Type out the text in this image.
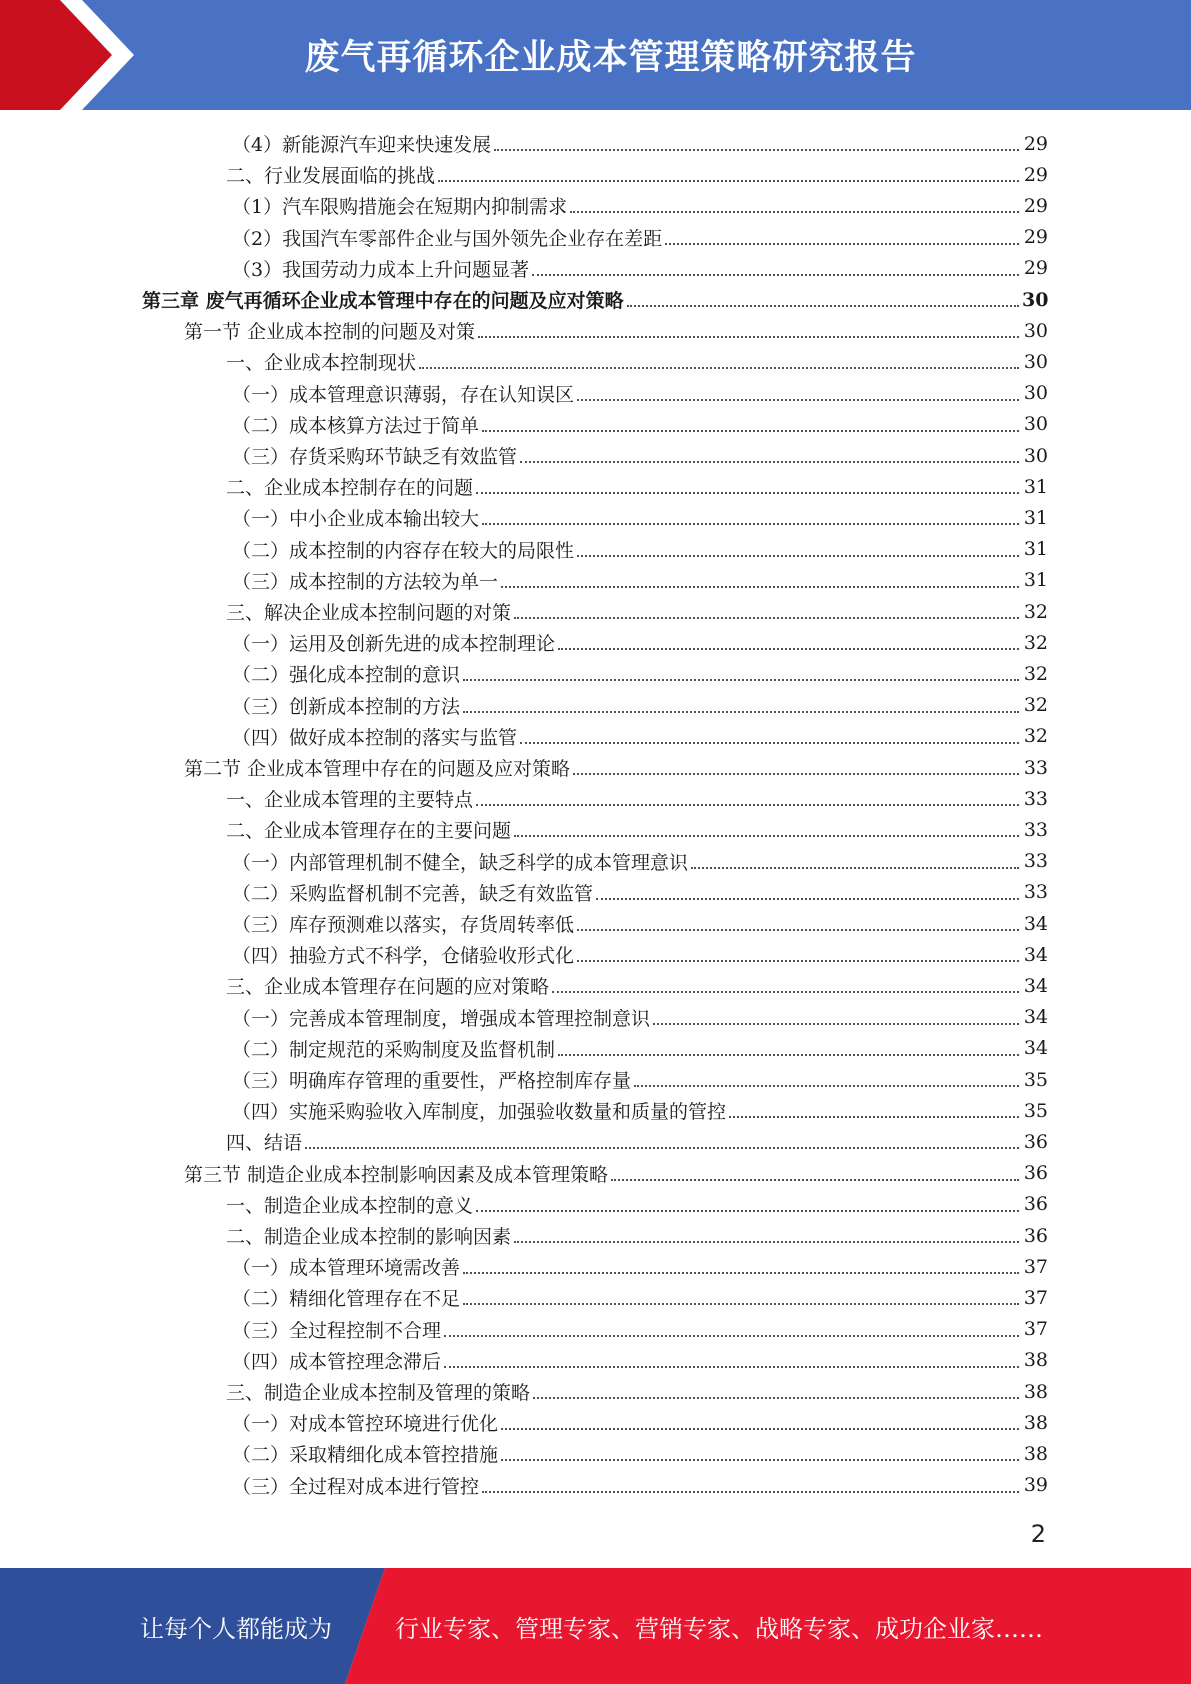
废气再循环企业成本管理策略研究报告
（4）新能源汽车迎来快速发展	29
二、行业发展面临的挑战	29
（1）汽车限购措施会在短期内抑制需求	29
（2）我国汽车零部件企业与国外领先企业存在差距	29
（3）我国劳动力成本上升问题显著	29
第三章 废气再循环企业成本管理中存在的问题及应对策略	30
第一节 企业成本控制的问题及对策	30
一、企业成本控制现状	30
（一）成本管理意识薄弱，存在认知误区	30
（二）成本核算方法过于简单	30
（三）存货采购环节缺乏有效监管	30
二、企业成本控制存在的问题	31
（一）中小企业成本输出较大	31
（二）成本控制的内容存在较大的局限性	31
（三）成本控制的方法较为单一	31
三、解决企业成本控制问题的对策	32
（一）运用及创新先进的成本控制理论	32
（二）强化成本控制的意识	32
（三）创新成本控制的方法	32
（四）做好成本控制的落实与监管	32
第二节 企业成本管理中存在的问题及应对策略	33
一、企业成本管理的主要特点	33
二、企业成本管理存在的主要问题	33
（一）内部管理机制不健全，缺乏科学的成本管理意识	33
（二）采购监督机制不完善，缺乏有效监管	33
（三）库存预测难以落实，存货周转率低	34
（四）抽验方式不科学，仓储验收形式化	34
三、企业成本管理存在问题的应对策略	34
（一）完善成本管理制度，增强成本管理控制意识	34
（二）制定规范的采购制度及监督机制	34
（三）明确库存管理的重要性，严格控制库存量	35
（四）实施采购验收入库制度，加强验收数量和质量的管控	35
四、结语	36
第三节 制造企业成本控制影响因素及成本管理策略	36
一、制造企业成本控制的意义	36
二、制造企业成本控制的影响因素	36
（一）成本管理环境需改善	37
（二）精细化管理存在不足	37
（三）全过程控制不合理	37
（四）成本管控理念滞后	38
三、制造企业成本控制及管理的策略	38
（一）对成本管控环境进行优化	38
（二）采取精细化成本管控措施	38
（三）全过程对成本进行管控	39
2
让每个人都能成为	行业专家、管理专家、营销专家、战略专家、成功企业家……
